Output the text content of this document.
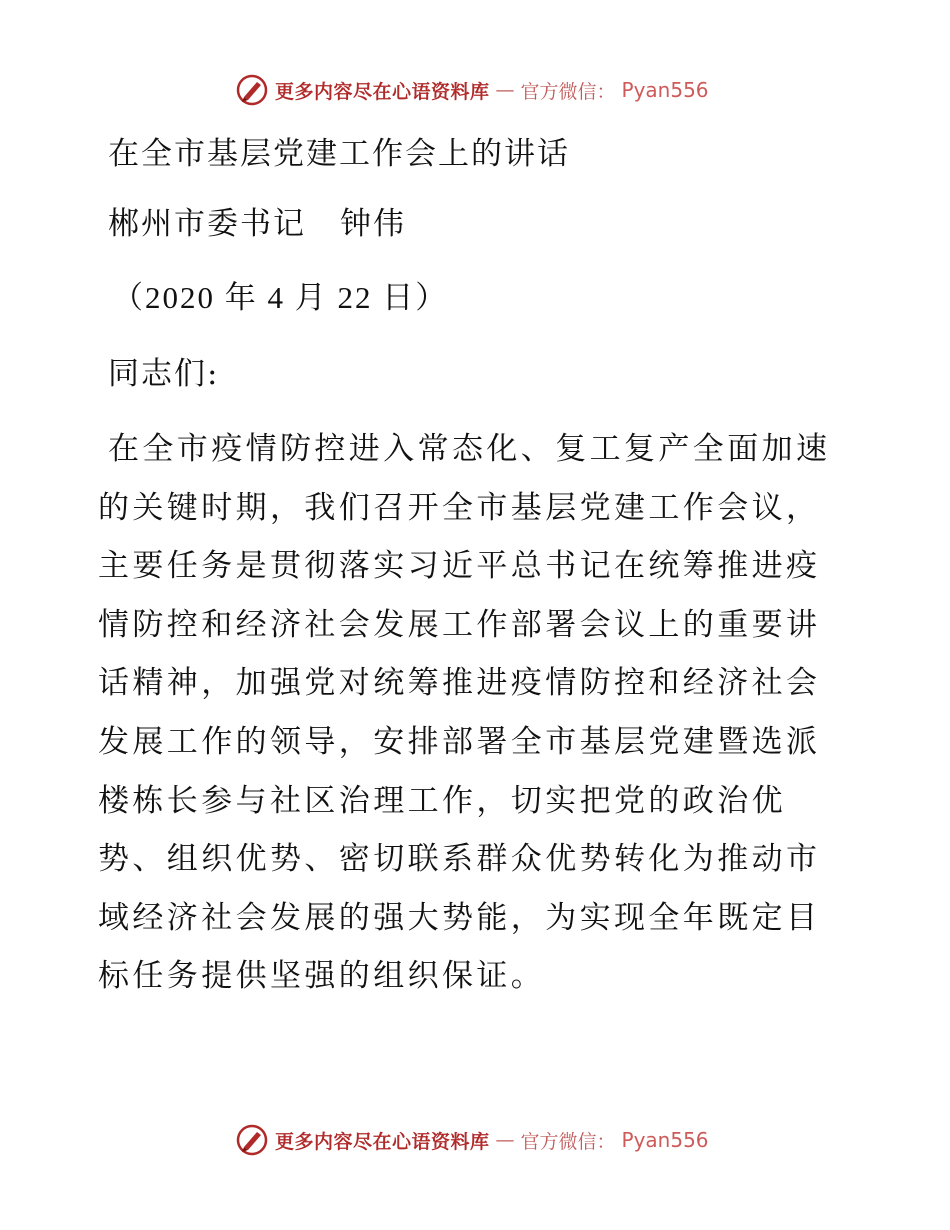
更多内容尽在心语资料库 — 官方微信： Pyan556

在全市基层党建工作会上的讲话

郴州市委书记 钟伟

（2020 年 4 月 22 日）

同志们:

在全市疫情防控进入常态化、复工复产全面加速的关键时期，我们召开全市基层党建工作会议，主要任务是贯彻落实习近平总书记在统筹推进疫情防控和经济社会发展工作部署会议上的重要讲话精神，加强党对统筹推进疫情防控和经济社会发展工作的领导，安排部署全市基层党建暨选派楼栋长参与社区治理工作，切实把党的政治优势、组织优势、密切联系群众优势转化为推动市域经济社会发展的强大势能，为实现全年既定目标任务提供坚强的组织保证。

更多内容尽在心语资料库 — 官方微信： Pyan556
